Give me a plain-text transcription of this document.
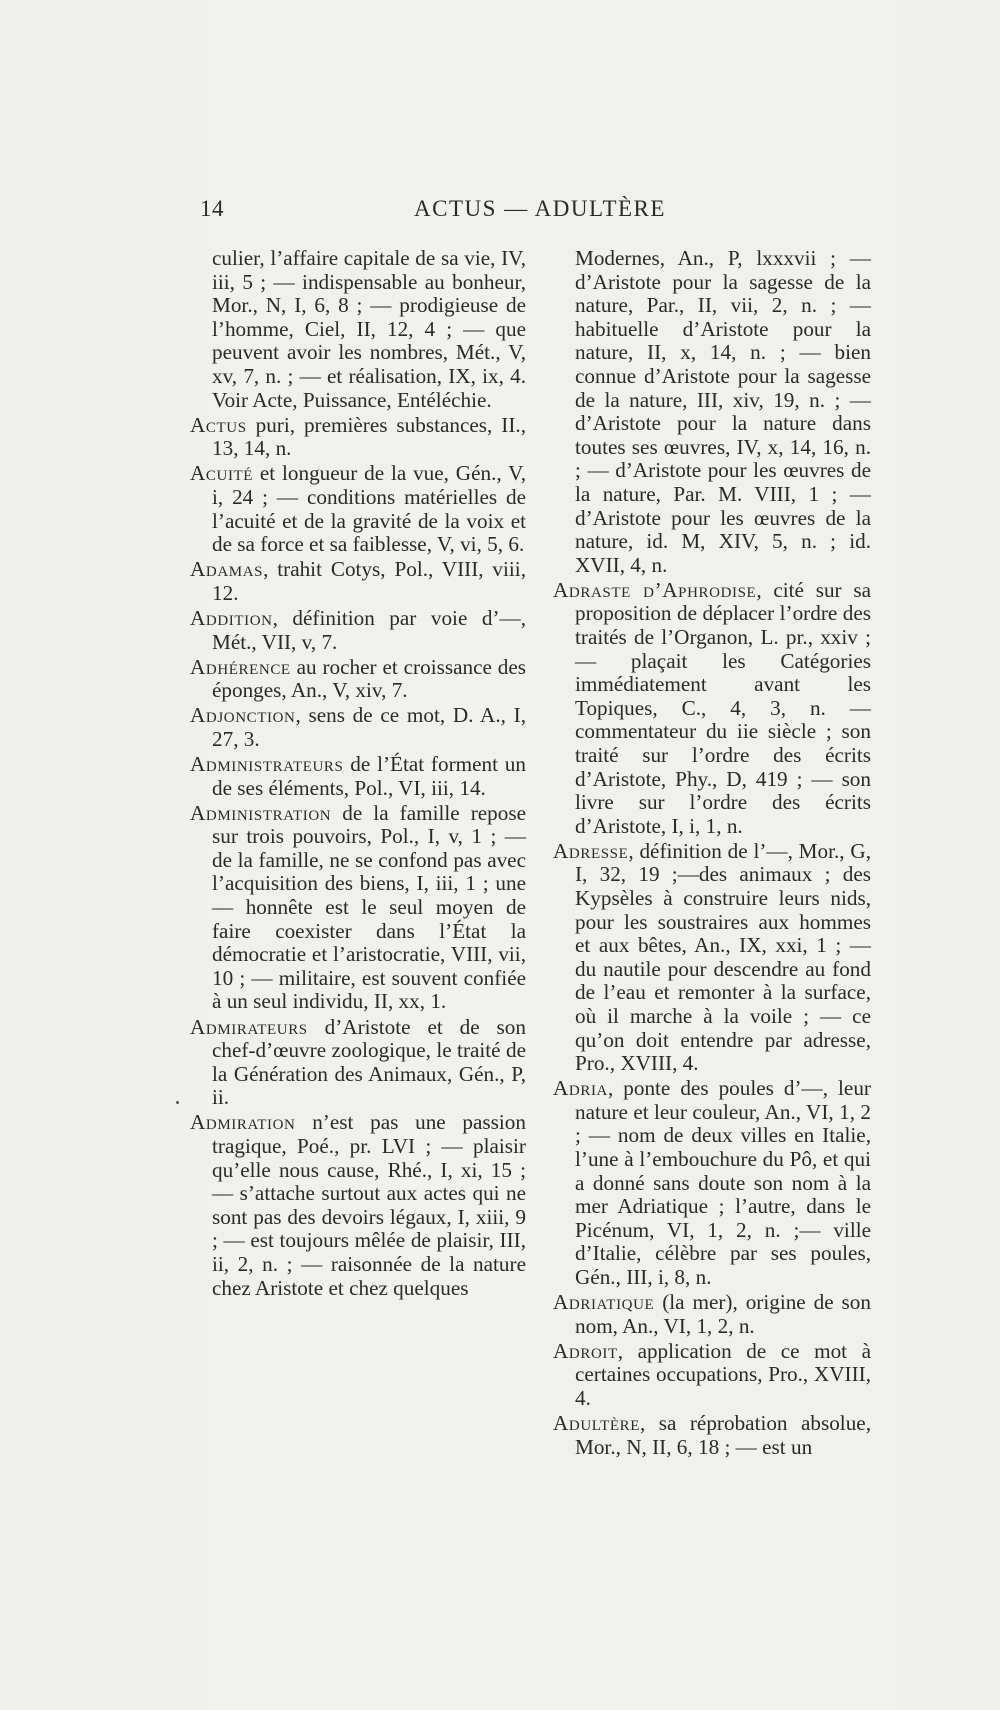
14	ACTUS — ADULTÈRE

culier, l’affaire capitale de sa vie, IV, iii, 5 ; — indispensable au bonheur, Mor., N, I, 6, 8 ; — prodigieuse de l’homme, Ciel, II, 12, 4 ; — que peuvent avoir les nombres, Mét., V, xv, 7, n. ; — et réalisation, IX, ix, 4. Voir Acte, Puissance, Entéléchie.

Actus puri, premières substances, II., 13, 14, n.

Acuité et longueur de la vue, Gén., V, i, 24 ; — conditions matérielles de l’acuité et de la gravité de la voix et de sa force et sa faiblesse, V, vi, 5, 6.

Adamas, trahit Cotys, Pol., VIII, viii, 12.

Addition, définition par voie d’—, Mét., VII, v, 7.

Adhérence au rocher et croissance des éponges, An., V, xiv, 7.

Adjonction, sens de ce mot, D. A., I, 27, 3.

Administrateurs de l’État forment un de ses éléments, Pol., VI, iii, 14.

Administration de la famille repose sur trois pouvoirs, Pol., I, v, 1 ; — de la famille, ne se confond pas avec l’acquisition des biens, I, iii, 1 ; une — honnête est le seul moyen de faire coexister dans l’État la démocratie et l’aristocratie, VIII, vii, 10 ; — militaire, est souvent confiée à un seul individu, II, xx, 1.

Admirateurs d’Aristote et de son chef-d’œuvre zoologique, le traité de la Génération des Animaux, Gén., P, ii.

Admiration n’est pas une passion tragique, Poé., pr. LVI ; — plaisir qu’elle nous cause, Rhé., I, xi, 15 ; — s’attache surtout aux actes qui ne sont pas des devoirs légaux, I, xiii, 9 ; — est toujours mêlée de plaisir, III, ii, 2, n. ; — raisonnée de la nature chez Aristote et chez quelques

Modernes, An., P, lxxxvii ; — d’Aristote pour la sagesse de la nature, Par., II, vii, 2, n. ; — habituelle d’Aristote pour la nature, II, x, 14, n. ; — bien connue d’Aristote pour la sagesse de la nature, III, xiv, 19, n. ; — d’Aristote pour la nature dans toutes ses œuvres, IV, x, 14, 16, n. ; — d’Aristote pour les œuvres de la nature, Par. M. VIII, 1 ; — d’Aristote pour les œuvres de la nature, id. M, XIV, 5, n. ; id. XVII, 4, n.

Adraste d’Aphrodise, cité sur sa proposition de déplacer l’ordre des traités de l’Organon, L. pr., xxiv ; — plaçait les Catégories immédiatement avant les Topiques, C., 4, 3, n. — commentateur du iie siècle ; son traité sur l’ordre des écrits d’Aristote, Phy., D, 419 ; — son livre sur l’ordre des écrits d’Aristote, I, i, 1, n.

Adresse, définition de l’—, Mor., G, I, 32, 19 ;—des animaux ; des Kypsèles à construire leurs nids, pour les soustraires aux hommes et aux bêtes, An., IX, xxi, 1 ; — du nautile pour descendre au fond de l’eau et remonter à la surface, où il marche à la voile ; — ce qu’on doit entendre par adresse, Pro., XVIII, 4.

Adria, ponte des poules d’—, leur nature et leur couleur, An., VI, 1, 2 ; — nom de deux villes en Italie, l’une à l’embouchure du Pô, et qui a donné sans doute son nom à la mer Adriatique ; l’autre, dans le Picénum, VI, 1, 2, n. ;— ville d’Italie, célèbre par ses poules, Gén., III, i, 8, n.

Adriatique (la mer), origine de son nom, An., VI, 1, 2, n.

Adroit, application de ce mot à certaines occupations, Pro., XVIII, 4.

Adultère, sa réprobation absolue, Mor., N, II, 6, 18 ; — est un
